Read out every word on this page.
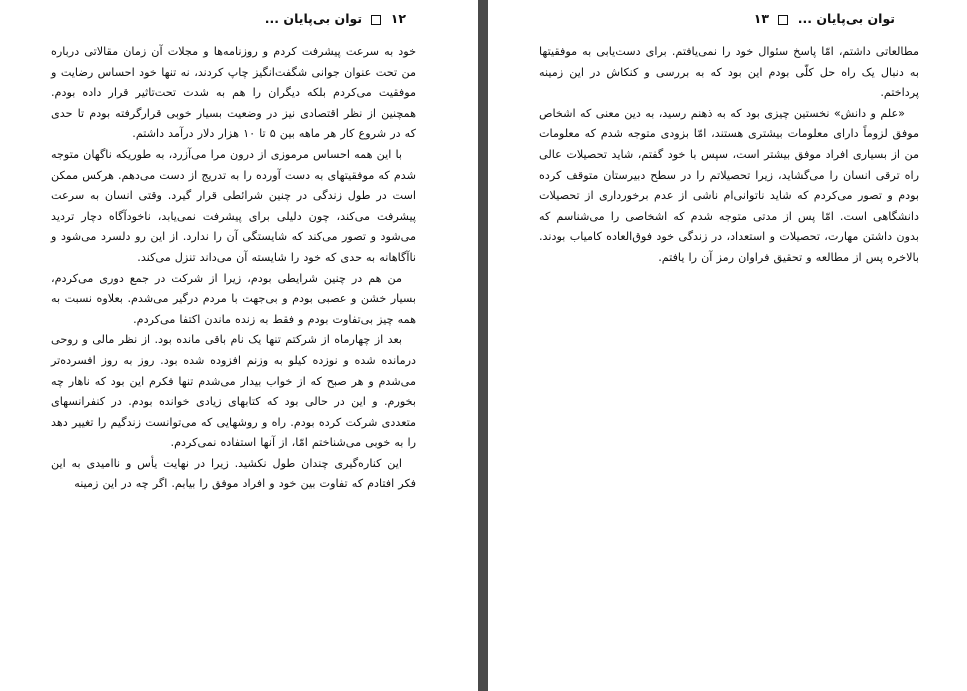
١٢  توان بی‌پایان ...

خود به سرعت پیشرفت کردم و روزنامه‌ها و مجلات آن زمان مقالاتی درباره من تحت عنوان جوانی شگفت‌انگیز چاپ کردند، نه تنها خود احساس رضایت و موفقیت می‌کردم بلکه دیگران را هم به شدت تحت‌تاثیر قرار داده بودم. همچنین از نظر اقتصادی نیز در وضعیت بسیار خوبی قرارگرفته بودم تا حدی که در شروع کار هر ماهه بین ۵ تا ۱۰ هزار دلار درآمد داشتم.

با این همه احساس مرموزی از درون مرا می‌آزرد، به طوریکه ناگهان متوجه شدم که موفقیتهای به دست آورده را به تدریج از دست می‌دهم. هرکس ممکن است در طول زندگی در چنین شرائطی قرار گیرد. وقتی انسان به سرعت پیشرفت می‌کند، چون دلیلی برای پیشرفت نمی‌یابد، ناخودآگاه دچار تردید می‌شود و تصور می‌کند که شایستگی آن را ندارد. از این رو دلسرد می‌شود و ناآگاهانه به حدی که خود را شایسته آن می‌داند تنزل می‌کند.

من هم در چنین شرایطی بودم، زیرا از شرکت در جمع دوری می‌کردم، بسیار خشن و عصبی بودم و بی‌جهت با مردم درگیر می‌شدم. بعلاوه نسبت به همه چیز بی‌تفاوت بودم و فقط به زنده ماندن اکتفا می‌کردم.

بعد از چهارماه از شرکتم تنها یک نام باقی مانده بود. از نظر مالی و روحی درمانده شده و نوزده کیلو به وزنم افزوده شده بود. روز به روز افسرده‌تر می‌شدم و هر صبح که از خواب بیدار می‌شدم تنها فکرم این بود که ناهار چه بخورم. و این در حالی بود که کتابهای زیادی خوانده بودم. در کنفرانسهای متعددی شرکت کرده بودم. راه و روشهایی که می‌توانست زندگیم را تغییر دهد را به خوبی می‌شناختم امّا، از آنها استفاده نمی‌کردم.

این کناره‌گیری چندان طول نکشید. زیرا در نهایت یأس و ناامیدی به این فکر افتادم که تفاوت بین خود و افراد موفق را بیابم. اگر چه در این زمینه

توان بی‌پایان ...  ١٣

مطالعاتی داشتم، امّا پاسخ سئوال خود را نمی‌یافتم. برای دست‌یابی به موفقیتها به دنبال یک راه حل کلّی بودم این بود که به بررسی و کنکاش در این زمینه پرداختم.

«علم و دانش» نخستین چیزی بود که به ذهنم رسید، به دین معنی که اشخاص موفق لزوماً دارای معلومات بیشتری هستند، امّا بزودی متوجه شدم که معلومات من از بسیاری افراد موفق بیشتر است، سپس با خود گفتم، شاید تحصیلات عالی راه ترقی انسان را می‌گشاید، زیرا تحصیلاتم را در سطح دبیرستان متوقف کرده بودم و تصور می‌کردم که شاید ناتوانی‌ام ناشی از عدم برخورداری از تحصیلات دانشگاهی است. امّا پس از مدتی متوجه شدم که اشخاصی را می‌شناسم که بدون داشتن مهارت، تحصیلات و استعداد، در زندگی خود فوق‌العاده کامیاب بودند. بالاخره پس از مطالعه و تحقیق فراوان رمز آن را یافتم.
